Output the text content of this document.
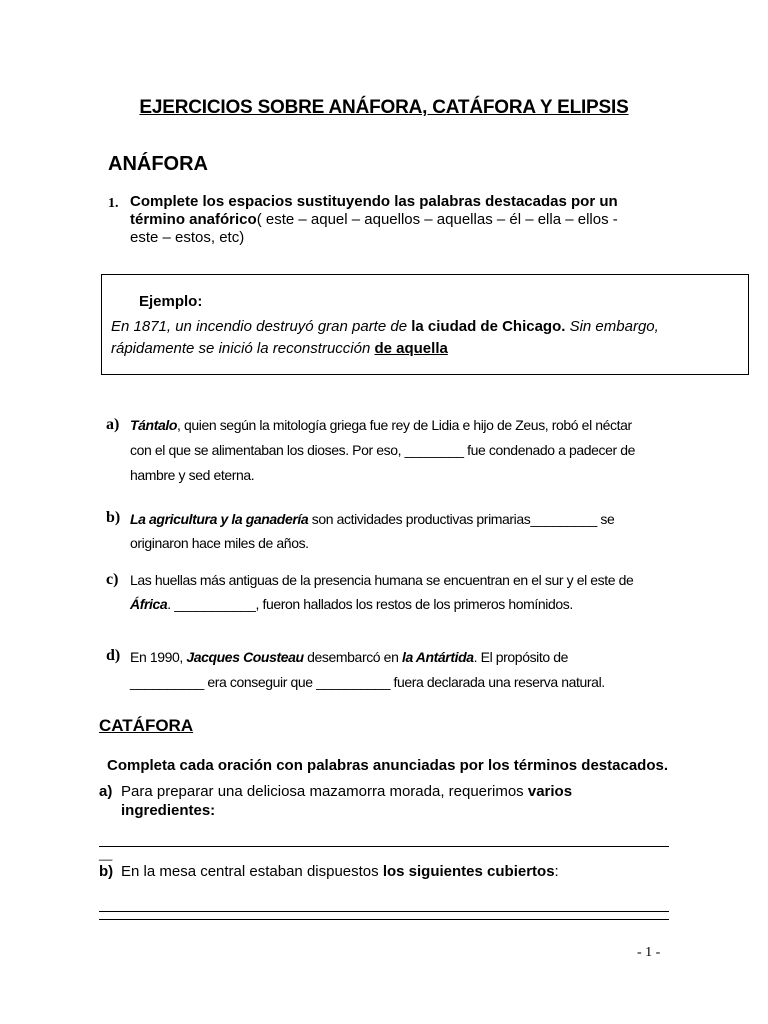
EJERCICIOS SOBRE ANÁFORA, CATÁFORA Y ELIPSIS
ANÁFORA
1. Complete los espacios sustituyendo las palabras destacadas por un término anafórico( este – aquel – aquellos – aquellas – él – ella – ellos - este – estos, etc)
Ejemplo:
En 1871, un incendio destruyó gran parte de la ciudad de Chicago. Sin embargo,
rápidamente se inició la reconstrucción de aquella
a) Tántalo, quien según la mitología griega fue rey de Lidia e hijo de Zeus, robó el néctar
con el que se alimentaban los dioses. Por eso, ________ fue condenado a padecer de
hambre y sed eterna.
b) La agricultura y la ganadería son actividades productivas primarias_________ se
originaron hace miles de años.
c) Las huellas más antiguas de la presencia humana se encuentran en el sur y el este de
África. ___________, fueron hallados los restos de los primeros homínidos.
d) En 1990, Jacques Cousteau desembarcó en la Antártida. El propósito de
__________ era conseguir que __________ fuera declarada una reserva natural.
CATÁFORA
Completa cada oración con palabras anunciadas por los términos destacados.
a) Para preparar una deliciosa mazamorra morada, requerimos varios
ingredientes:
__
b) En la mesa central estaban dispuestos los siguientes cubiertos:
- 1 -
